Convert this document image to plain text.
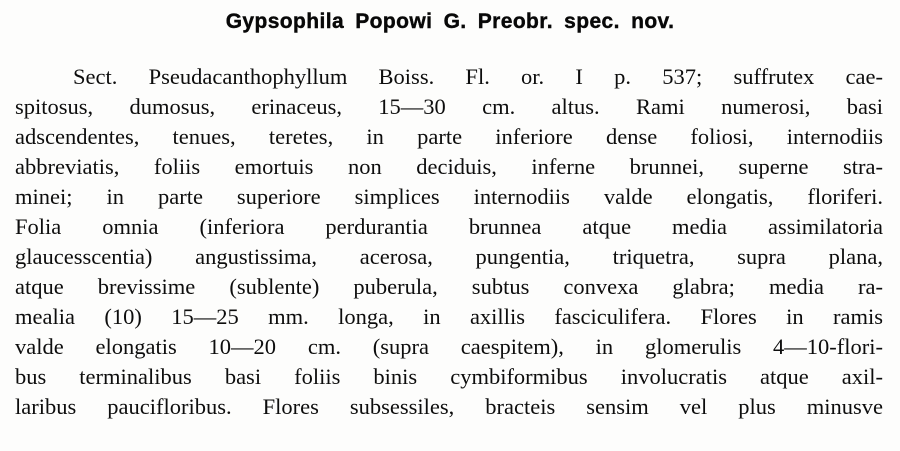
Gypsophila Popowi G. Preobr. spec. nov.
Sect. Pseudacanthophyllum Boiss. Fl. or. I p. 537; suffrutex cae-
spitosus, dumosus, erinaceus, 15—30 cm. altus. Rami numerosi, basi
adscendentes, tenues, teretes, in parte inferiore dense foliosi, internodiis
abbreviatis, foliis emortuis non deciduis, inferne brunnei, superne stra-
minei; in parte superiore simplices internodiis valde elongatis, floriferi.
Folia omnia (inferiora perdurantia brunnea atque media assimilatoria
glaucesscentia) angustissima, acerosa, pungentia, triquetra, supra plana,
atque brevissime (sublente) puberula, subtus convexa glabra; media ra-
mealia (10) 15—25 mm. longa, in axillis fasciculifera. Flores in ramis
valde elongatis 10—20 cm. (supra caespitem), in glomerulis 4—10-flori-
bus terminalibus basi foliis binis cymbiformibus involucratis atque axil-
laribus paucifloribus. Flores subsessiles, bracteis sensim vel plus minusve
